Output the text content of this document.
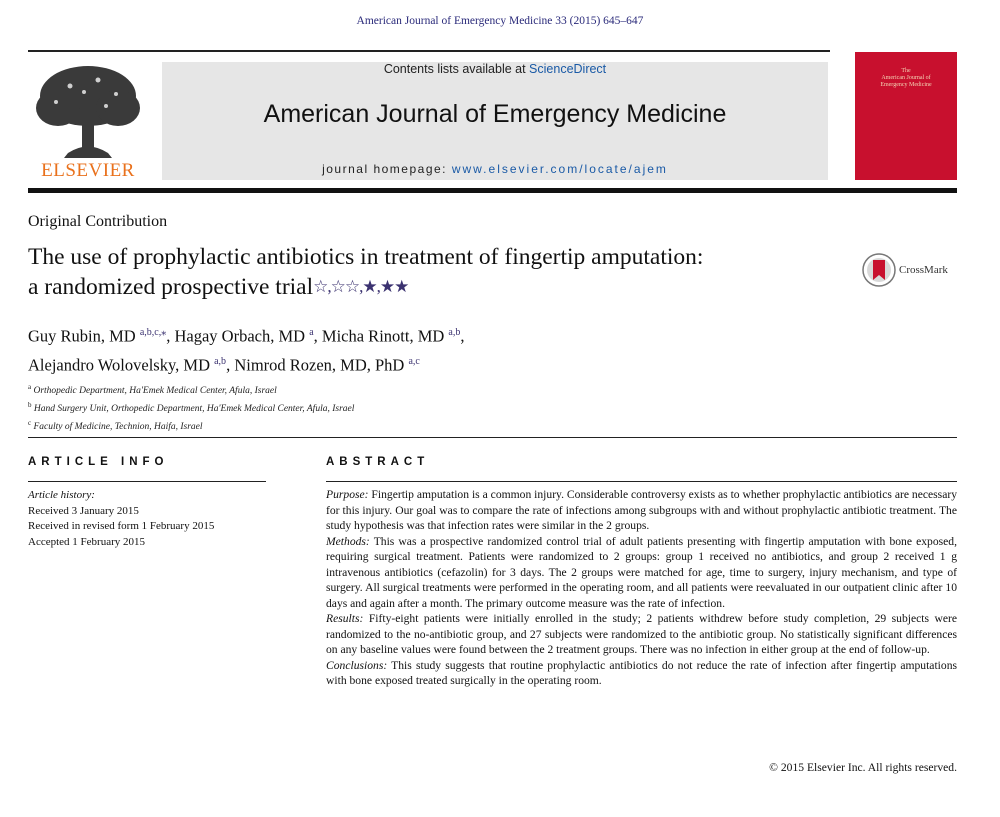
American Journal of Emergency Medicine 33 (2015) 645–647
ELSEVIER
Contents lists available at ScienceDirect
American Journal of Emergency Medicine
journal homepage: www.elsevier.com/locate/ajem
The
American Journal of
Emergency Medicine
Original Contribution
The use of prophylactic antibiotics in treatment of fingertip amputation:
a randomized prospective trial☆,☆☆,★,★★
CrossMark
Guy Rubin, MD $^{a,b,c,⁎}$, Hagay Orbach, MD $^a$, Micha Rinott, MD $^{a,b}$,
Alejandro Wolovelsky, MD $^{a,b}$, Nimrod Rozen, MD, PhD $^{a,c}$
$^a$ Orthopedic Department, Ha'Emek Medical Center, Afula, Israel
$^b$ Hand Surgery Unit, Orthopedic Department, Ha'Emek Medical Center, Afula, Israel
$^c$ Faculty of Medicine, Technion, Haifa, Israel
ARTICLE INFO
Article history:
Received 3 January 2015
Received in revised form 1 February 2015
Accepted 1 February 2015
ABSTRACT

Purpose: Fingertip amputation is a common injury. Considerable controversy exists as to whether prophylactic antibiotics are necessary for this injury. Our goal was to compare the rate of infections among subgroups with and without prophylactic antibiotic treatment. The study hypothesis was that infection rates were similar in the 2 groups.

Methods: This was a prospective randomized control trial of adult patients presenting with fingertip amputation with bone exposed, requiring surgical treatment. Patients were randomized to 2 groups: group 1 received no antibiotics, and group 2 received 1 g intravenous antibiotics (cefazolin) for 3 days. The 2 groups were matched for age, time to surgery, injury mechanism, and type of surgery. All surgical treatments were performed in the operating room, and all patients were reevaluated in our outpatient clinic after 10 days and again after a month. The primary outcome measure was the rate of infection.

Results: Fifty-eight patients were initially enrolled in the study; 2 patients withdrew before study completion, 29 subjects were randomized to the no-antibiotic group, and 27 subjects were randomized to the antibiotic group. No statistically significant differences on any baseline values were found between the 2 treatment groups. There was no infection in either group at the end of follow-up.

Conclusions: This study suggests that routine prophylactic antibiotics do not reduce the rate of infection after fingertip amputations with bone exposed treated surgically in the operating room.

© 2015 Elsevier Inc. All rights reserved.
